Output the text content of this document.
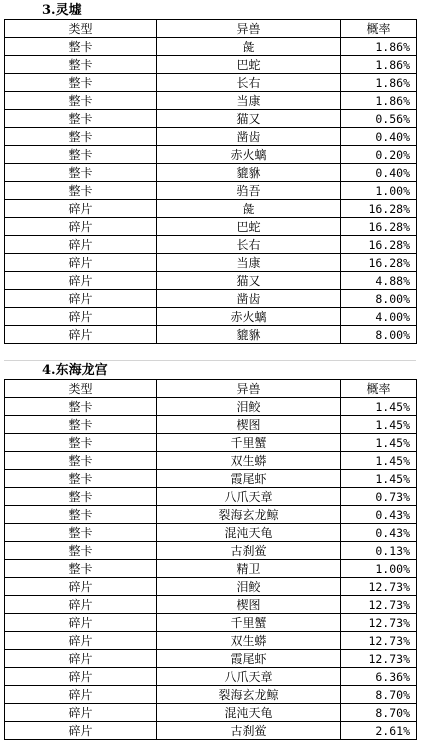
3.灵墟
类型	异兽	概率
整卡	彘	1.86%
整卡	巴蛇	1.86%
整卡	长右	1.86%
整卡	当康	1.86%
整卡	猫又	0.56%
整卡	凿齿	0.40%
整卡	赤火螭	0.20%
整卡	貔貅	0.40%
整卡	驺吾	1.00%
碎片	彘	16.28%
碎片	巴蛇	16.28%
碎片	长右	16.28%
碎片	当康	16.28%
碎片	猫又	4.88%
碎片	凿齿	8.00%
碎片	赤火螭	4.00%
碎片	貔貅	8.00%
4.东海龙宫
类型	异兽	概率
整卡	泪鲛	1.45%
整卡	楔图	1.45%
整卡	千里蟹	1.45%
整卡	双生蟒	1.45%
整卡	霞尾虾	1.45%
整卡	八爪天章	0.73%
整卡	裂海玄龙鲸	0.43%
整卡	混沌天龟	0.43%
整卡	古刹鲎	0.13%
整卡	精卫	1.00%
碎片	泪鲛	12.73%
碎片	楔图	12.73%
碎片	千里蟹	12.73%
碎片	双生蟒	12.73%
碎片	霞尾虾	12.73%
碎片	八爪天章	6.36%
碎片	裂海玄龙鲸	8.70%
碎片	混沌天龟	8.70%
碎片	古刹鲎	2.61%
